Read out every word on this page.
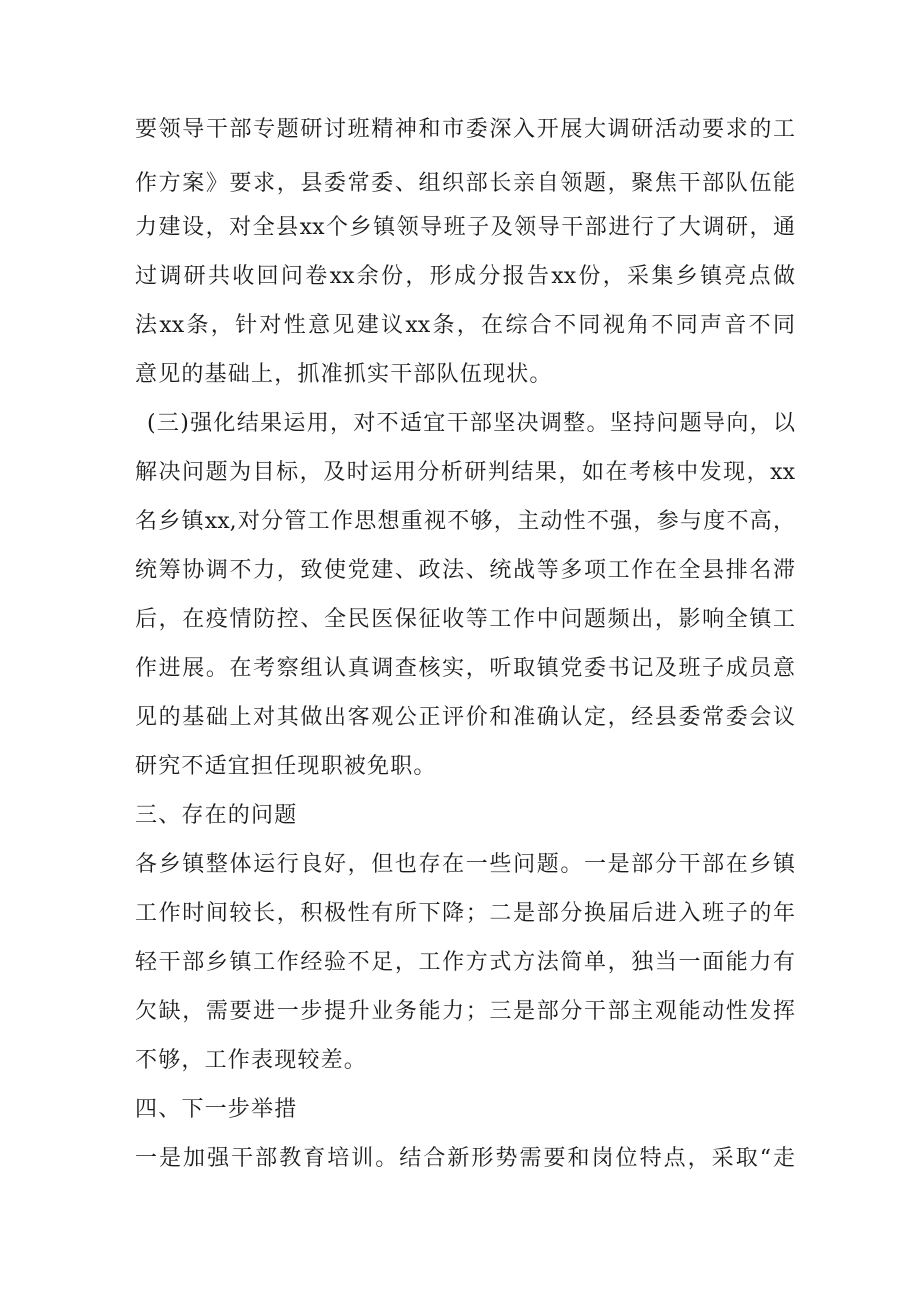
要领导干部专题研讨班精神和市委深入开展大调研活动要求的工
作方案》要求，县委常委、组织部长亲自领题，聚焦干部队伍能
力建设，对全县xx个乡镇领导班子及领导干部进行了大调研，通
过调研共收回问卷xx余份，形成分报告xx份，采集乡镇亮点做
法xx条，针对性意见建议xx条，在综合不同视角不同声音不同
意见的基础上，抓准抓实干部队伍现状。
(三)强化结果运用，对不适宜干部坚决调整。坚持问题导向，以
解决问题为目标，及时运用分析研判结果，如在考核中发现，xx
名乡镇xx,对分管工作思想重视不够，主动性不强，参与度不高，
统筹协调不力，致使党建、政法、统战等多项工作在全县排名滞
后，在疫情防控、全民医保征收等工作中问题频出，影响全镇工
作进展。在考察组认真调查核实，听取镇党委书记及班子成员意
见的基础上对其做出客观公正评价和准确认定，经县委常委会议
研究不适宜担任现职被免职。
三、存在的问题
各乡镇整体运行良好，但也存在一些问题。一是部分干部在乡镇
工作时间较长，积极性有所下降；二是部分换届后进入班子的年
轻干部乡镇工作经验不足，工作方式方法简单，独当一面能力有
欠缺，需要进一步提升业务能力；三是部分干部主观能动性发挥
不够，工作表现较差。
四、下一步举措
一是加强干部教育培训。结合新形势需要和岗位特点，采取“走
